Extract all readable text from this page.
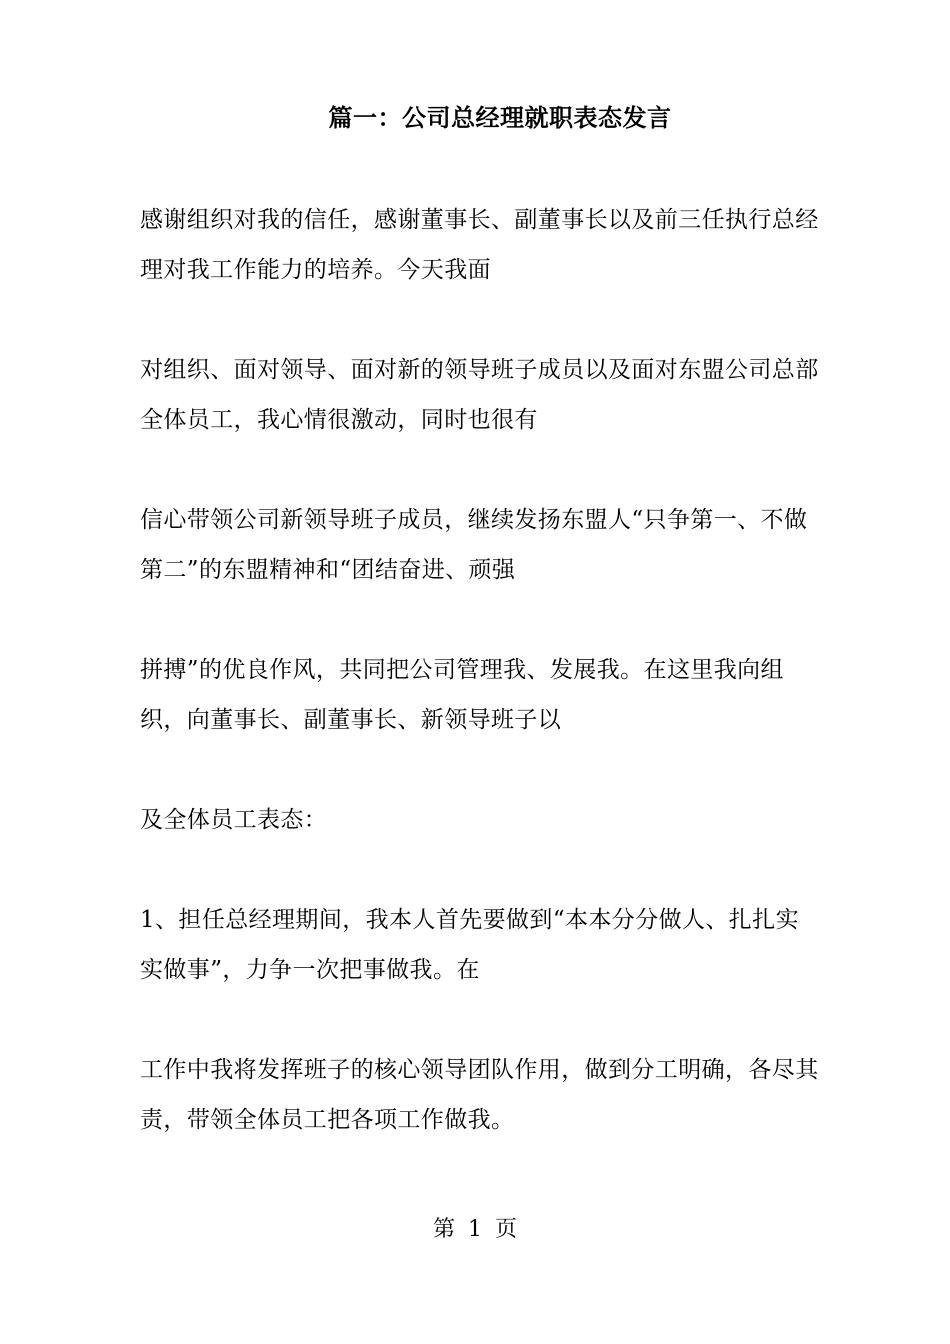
篇一：公司总经理就职表态发言

感谢组织对我的信任，感谢董事长、副董事长以及前三任执行总经理对我工作能力的培养。今天我面

对组织、面对领导、面对新的领导班子成员以及面对东盟公司总部全体员工，我心情很激动，同时也很有

信心带领公司新领导班子成员，继续发扬东盟人“只争第一、不做第二”的东盟精神和“团结奋进、顽强

拼搏”的优良作风，共同把公司管理我、发展我。在这里我向组织，向董事长、副董事长、新领导班子以

及全体员工表态：

1、担任总经理期间，我本人首先要做到“本本分分做人、扎扎实实做事”，力争一次把事做我。在

工作中我将发挥班子的核心领导团队作用，做到分工明确，各尽其责，带领全体员工把各项工作做我。

第 1 页
